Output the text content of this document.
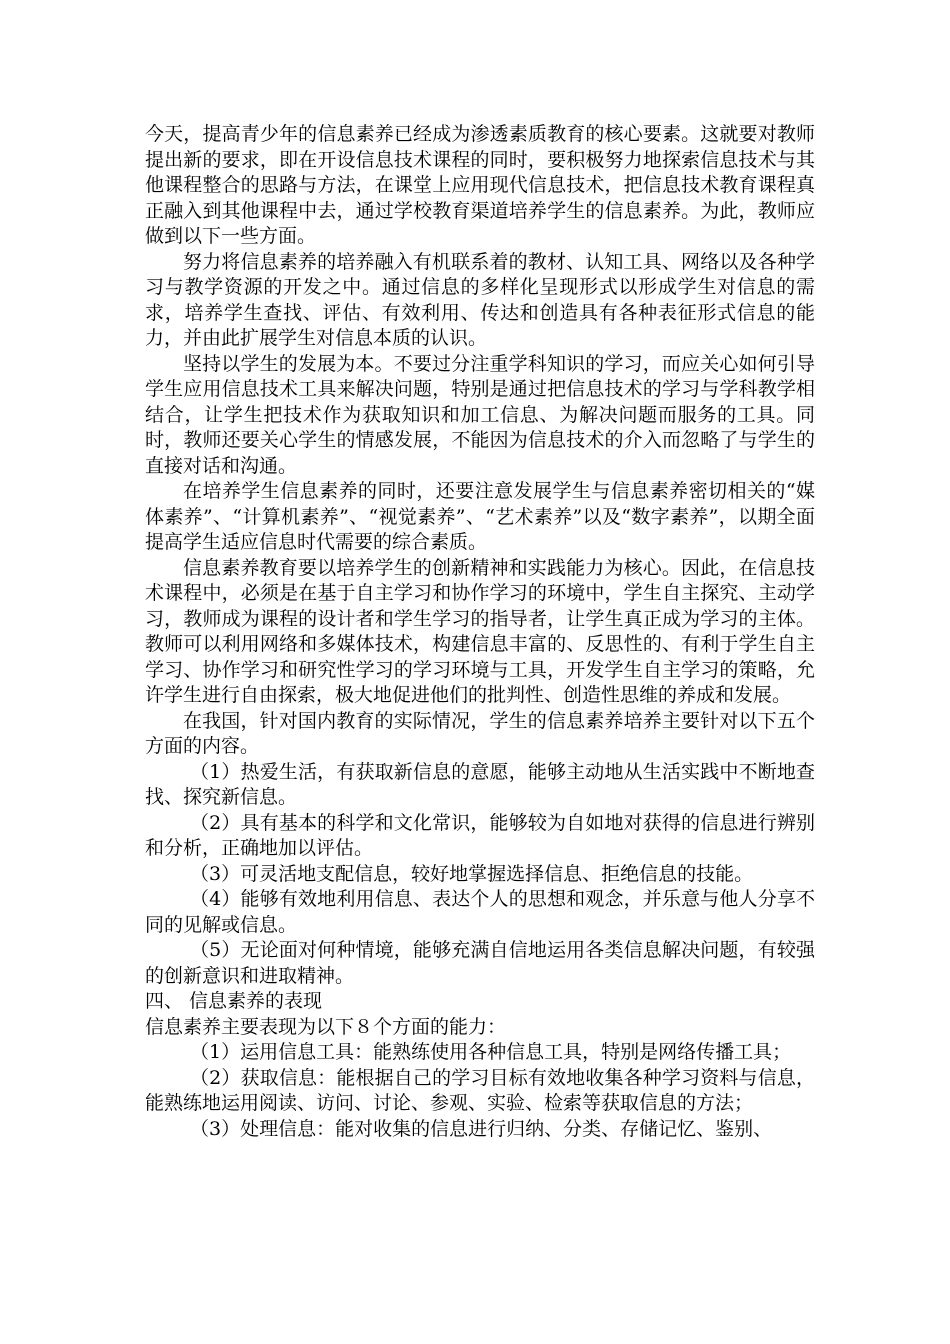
今天，提高青少年的信息素养已经成为渗透素质教育的核心要素。这就要对教师提出新的要求，即在开设信息技术课程的同时，要积极努力地探索信息技术与其他课程整合的思路与方法，在课堂上应用现代信息技术，把信息技术教育课程真正融入到其他课程中去，通过学校教育渠道培养学生的信息素养。为此，教师应做到以下一些方面。

努力将信息素养的培养融入有机联系着的教材、认知工具、网络以及各种学习与教学资源的开发之中。通过信息的多样化呈现形式以形成学生对信息的需求，培养学生查找、评估、有效利用、传达和创造具有各种表征形式信息的能力，并由此扩展学生对信息本质的认识。

坚持以学生的发展为本。不要过分注重学科知识的学习，而应关心如何引导学生应用信息技术工具来解决问题，特别是通过把信息技术的学习与学科教学相结合，让学生把技术作为获取知识和加工信息、为解决问题而服务的工具。同时，教师还要关心学生的情感发展，不能因为信息技术的介入而忽略了与学生的直接对话和沟通。

在培养学生信息素养的同时，还要注意发展学生与信息素养密切相关的“媒体素养”、“计算机素养”、“视觉素养”、“艺术素养”以及“数字素养”，以期全面提高学生适应信息时代需要的综合素质。

信息素养教育要以培养学生的创新精神和实践能力为核心。因此，在信息技术课程中，必须是在基于自主学习和协作学习的环境中，学生自主探究、主动学习，教师成为课程的设计者和学生学习的指导者，让学生真正成为学习的主体。教师可以利用网络和多媒体技术，构建信息丰富的、反思性的、有利于学生自主学习、协作学习和研究性学习的学习环境与工具，开发学生自主学习的策略，允许学生进行自由探索，极大地促进他们的批判性、创造性思维的养成和发展。

在我国，针对国内教育的实际情况，学生的信息素养培养主要针对以下五个方面的内容。

（1）热爱生活，有获取新信息的意愿，能够主动地从生活实践中不断地查找、探究新信息。

（2）具有基本的科学和文化常识，能够较为自如地对获得的信息进行辨别和分析，正确地加以评估。

（3）可灵活地支配信息，较好地掌握选择信息、拒绝信息的技能。

（4）能够有效地利用信息、表达个人的思想和观念，并乐意与他人分享不同的见解或信息。

（5）无论面对何种情境，能够充满自信地运用各类信息解决问题，有较强的创新意识和进取精神。

四、 信息素养的表现

信息素养主要表现为以下８个方面的能力：

（1）运用信息工具：能熟练使用各种信息工具，特别是网络传播工具；

（2）获取信息：能根据自己的学习目标有效地收集各种学习资料与信息，能熟练地运用阅读、访问、讨论、参观、实验、检索等获取信息的方法；

（3）处理信息：能对收集的信息进行归纳、分类、存储记忆、鉴别、
